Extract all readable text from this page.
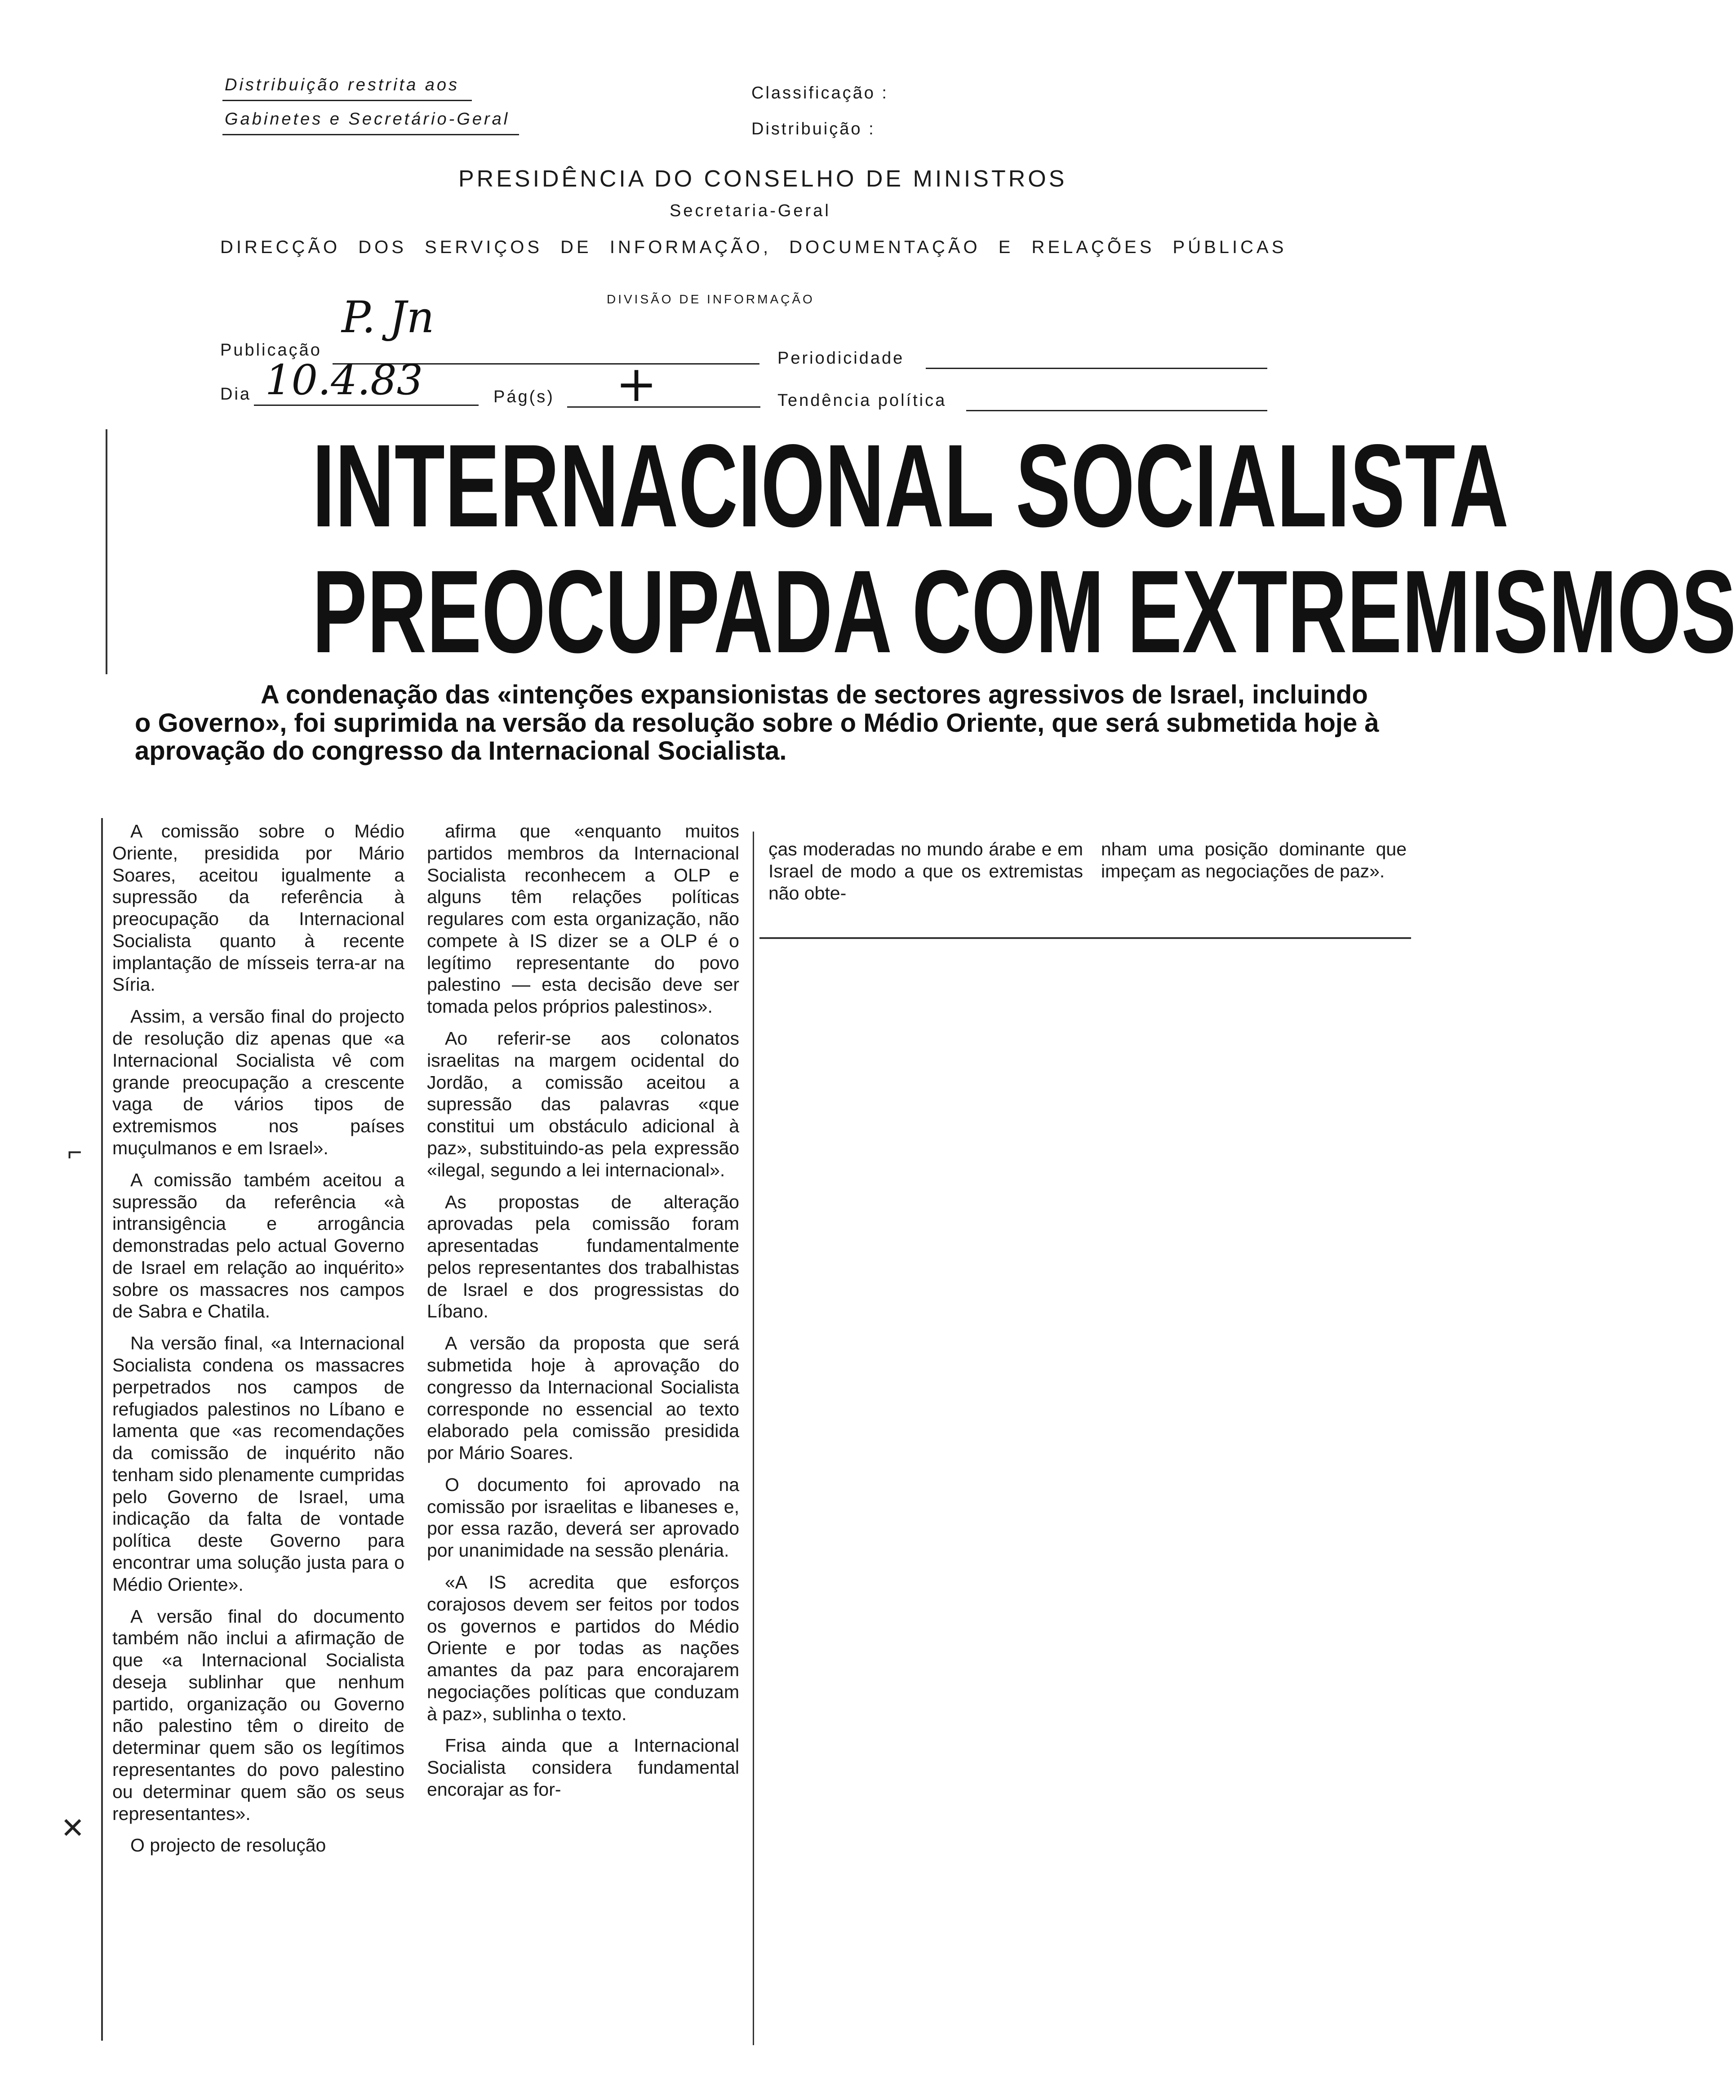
Distribuição restrita aos
Gabinetes e Secretário-Geral
Classificação :
Distribuição :
PRESIDÊNCIA DO CONSELHO DE MINISTROS
Secretaria-Geral
DIRECÇÃO DOS SERVIÇOS DE INFORMAÇÃO, DOCUMENTAÇÃO E RELAÇÕES PÚBLICAS
DIVISÃO DE INFORMAÇÃO
Publicação
P. Jn
Periodicidade
Dia 10.4.83	Pág(s) +	Tendência política
INTERNACIONAL SOCIALISTA
PREOCUPADA COM EXTREMISMOS

A condenação das «intenções expansionistas de sectores agressivos de Israel, incluindo o Governo», foi suprimida na versão da resolução sobre o Médio Oriente, que será submetida hoje à aprovação do congresso da Internacional Socialista.

A comissão sobre o Médio Oriente, presidida por Mário Soares, aceitou igualmente a supressão da referência à preocupação da Internacional Socialista quanto à recente implantação de mísseis terra-ar na Síria.

Assim, a versão final do projecto de resolução diz apenas que «a Internacional Socialista vê com grande preocupação a crescente vaga de vários tipos de extremismos nos países muçulmanos e em Israel».

A comissão também aceitou a supressão da referência «à intransigência e arrogância demonstradas pelo actual Governo de Israel em relação ao inquérito» sobre os massacres nos campos de Sabra e Chatila.

Na versão final, «a Internacional Socialista condena os massacres perpetrados nos campos de refugiados palestinos no Líbano e lamenta que «as recomendações da comissão de inquérito não tenham sido plenamente cumpridas pelo Governo de Israel, uma indicação da falta de vontade política deste Governo para encontrar uma solução justa para o Médio Oriente».

A versão final do documento também não inclui a afirmação de que «a Internacional Socialista deseja sublinhar que nenhum partido, organização ou Governo não palestino têm o direito de determinar quem são os legítimos representantes do povo palestino ou determinar quem são os seus representantes».

O projecto de resolução

afirma que «enquanto muitos partidos membros da Internacional Socialista reconhecem a OLP e alguns têm relações políticas regulares com esta organização, não compete à IS dizer se a OLP é o legítimo representante do povo palestino — esta decisão deve ser tomada pelos próprios palestinos».

Ao referir-se aos colonatos israelitas na margem ocidental do Jordão, a comissão aceitou a supressão das palavras «que constitui um obstáculo adicional à paz», substituindo-as pela expressão «ilegal, segundo a lei internacional».

As propostas de alteração aprovadas pela comissão foram apresentadas fundamentalmente pelos representantes dos trabalhistas de Israel e dos progressistas do Líbano.

A versão da proposta que será submetida hoje à aprovação do congresso da Internacional Socialista corresponde no essencial ao texto elaborado pela comissão presidida por Mário Soares.

O documento foi aprovado na comissão por israelitas e libaneses e, por essa razão, deverá ser aprovado por unanimidade na sessão plenária.

«A IS acredita que esforços corajosos devem ser feitos por todos os governos e partidos do Médio Oriente e por todas as nações amantes da paz para encorajarem negociações políticas que conduzam à paz», sublinha o texto.

Frisa ainda que a Internacional Socialista considera fundamental encorajar as for-

ças moderadas no mundo árabe e em Israel de modo a que os extremistas não obte-

nham uma posição dominante que impeçam as negociações de paz».

⌐
✕
